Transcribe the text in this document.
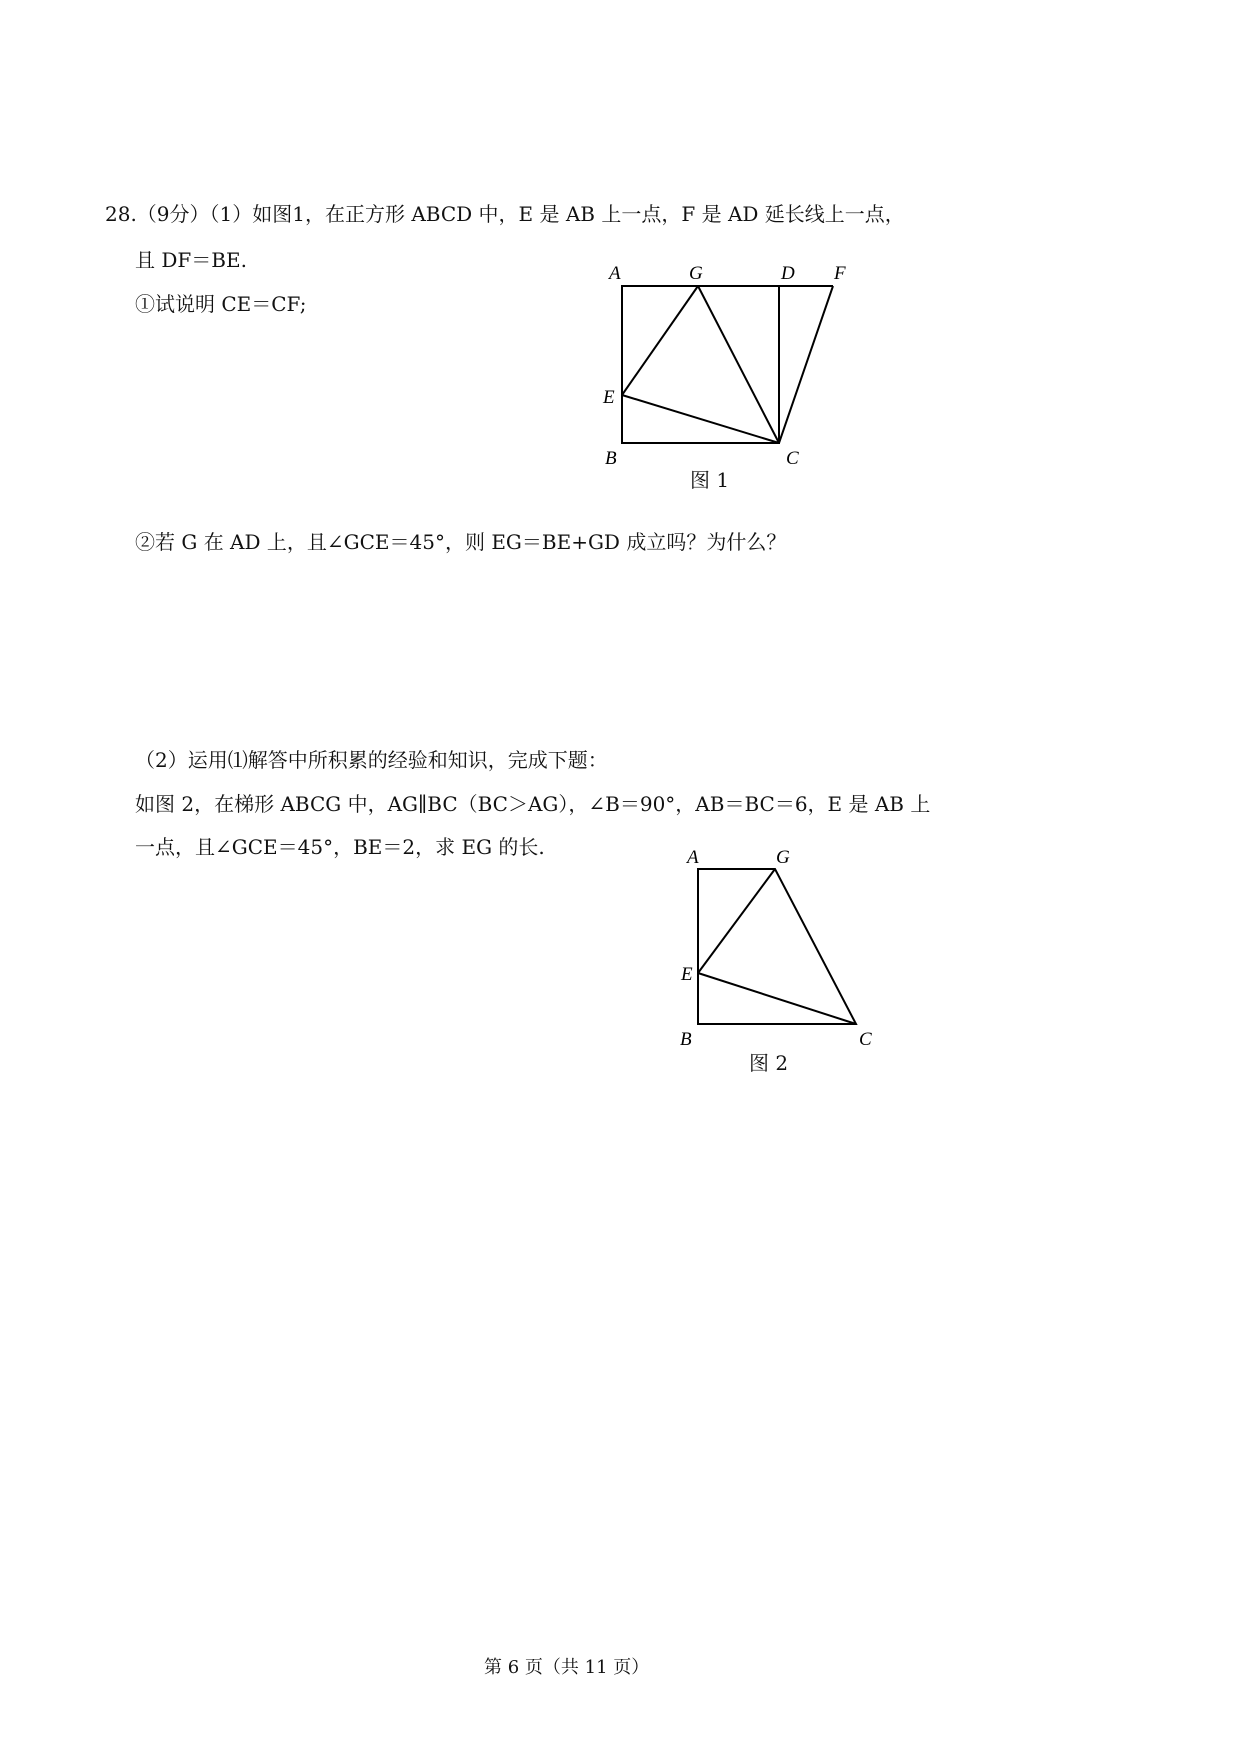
28.（9分）（1）如图1，在正方形 ABCD 中，E 是 AB 上一点，F 是 AD 延长线上一点，
且 DF＝BE.
①试说明 CE＝CF;
A	G	D F
E
B	C
图 1
②若 G 在 AD 上，且∠GCE＝45°，则 EG＝BE+GD 成立吗？为什么？
（2）运用⑴解答中所积累的经验和知识，完成下题：
如图 2，在梯形 ABCG 中，AG∥BC（BC＞AG），∠B＝90°，AB＝BC＝6，E 是 AB 上
一点，且∠GCE＝45°，BE＝2，求 EG 的长.	A	G
E
B	C
图 2
第 6 页（共 11 页）
